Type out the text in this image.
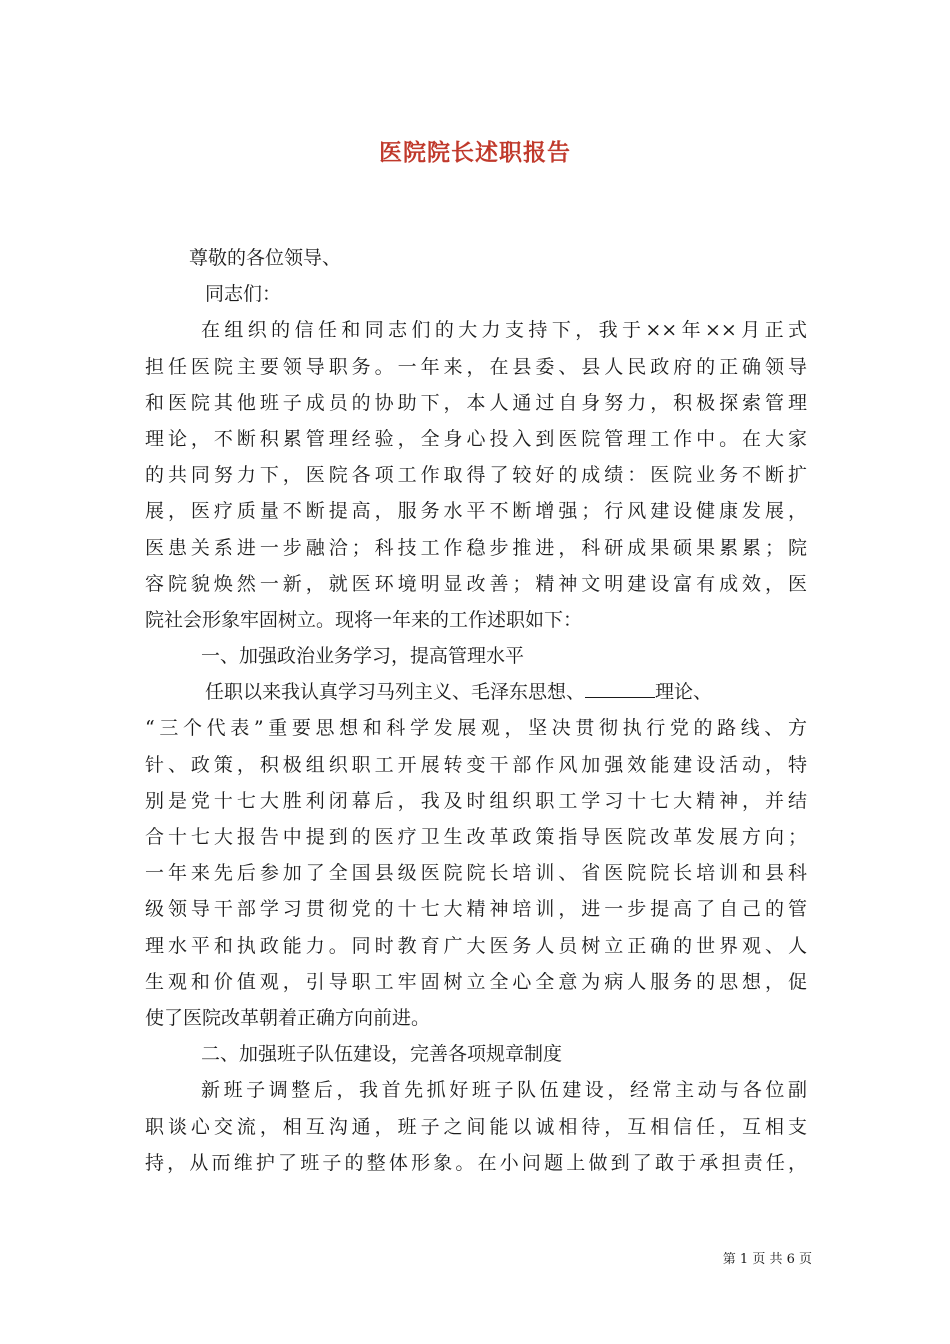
医院院长述职报告
尊敬的各位领导、
同志们：
在组织的信任和同志们的大力支持下，我于××年××月正式
担任医院主要领导职务。一年来，在县委、县人民政府的正确领导
和医院其他班子成员的协助下，本人通过自身努力，积极探索管理
理论，不断积累管理经验，全身心投入到医院管理工作中。在大家
的共同努力下，医院各项工作取得了较好的成绩：医院业务不断扩
展，医疗质量不断提高，服务水平不断增强；行风建设健康发展，
医患关系进一步融洽；科技工作稳步推进，科研成果硕果累累；院
容院貌焕然一新，就医环境明显改善；精神文明建设富有成效，医
院社会形象牢固树立。现将一年来的工作述职如下：
一、加强政治业务学习，提高管理水平
任职以来我认真学习马列主义、毛泽东思想、	理论、
“三个代表”重要思想和科学发展观，坚决贯彻执行党的路线、方
针、政策，积极组织职工开展转变干部作风加强效能建设活动，特
别是党十七大胜利闭幕后，我及时组织职工学习十七大精神，并结
合十七大报告中提到的医疗卫生改革政策指导医院改革发展方向；
一年来先后参加了全国县级医院院长培训、省医院院长培训和县科
级领导干部学习贯彻党的十七大精神培训，进一步提高了自己的管
理水平和执政能力。同时教育广大医务人员树立正确的世界观、人
生观和价值观，引导职工牢固树立全心全意为病人服务的思想，促
使了医院改革朝着正确方向前进。
二、加强班子队伍建设，完善各项规章制度
新班子调整后，我首先抓好班子队伍建设，经常主动与各位副
职谈心交流，相互沟通，班子之间能以诚相待，互相信任，互相支
持，从而维护了班子的整体形象。在小问题上做到了敢于承担责任，
第 1 页 共 6 页
